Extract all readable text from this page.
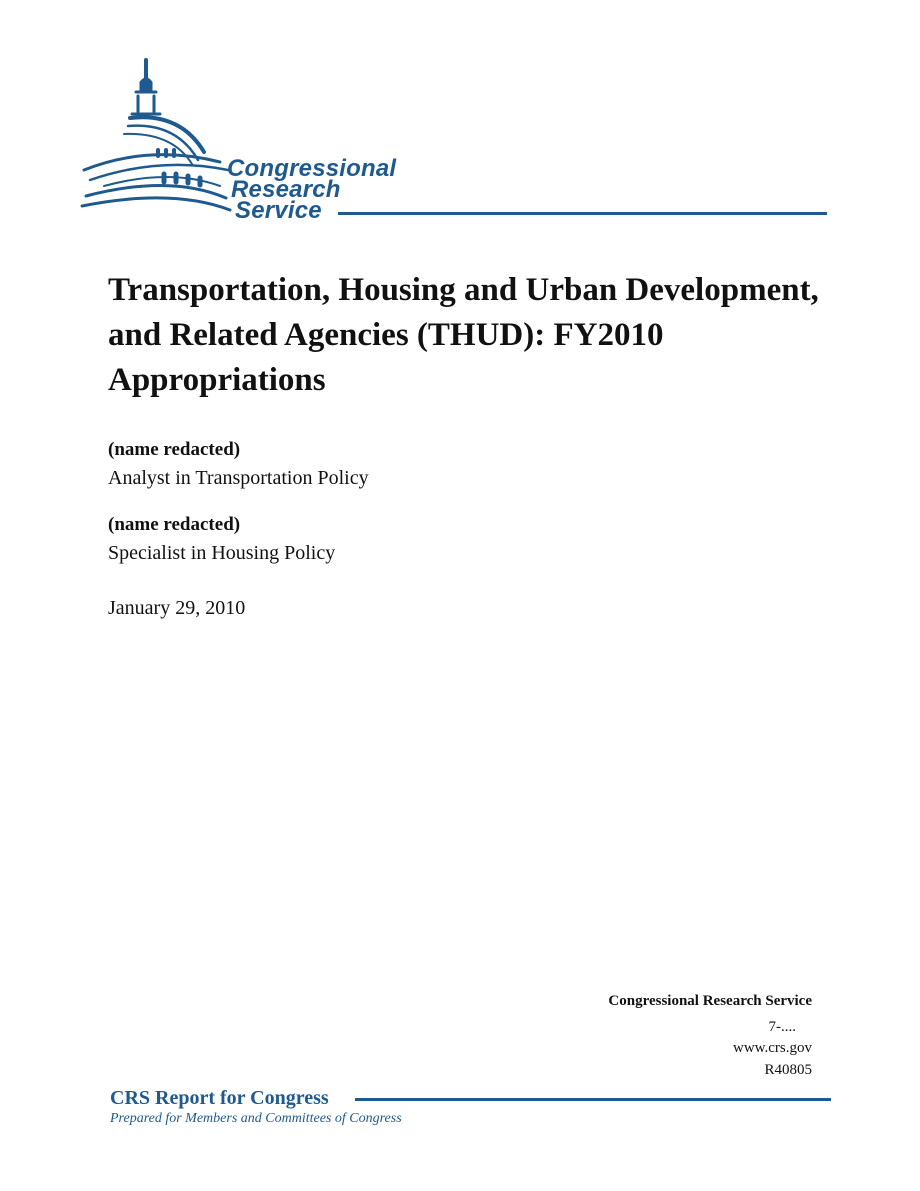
Congressional
Research
Service
Transportation, Housing and Urban Development, and Related Agencies (THUD): FY2010 Appropriations
(name redacted)
Analyst in Transportation Policy
(name redacted)
Specialist in Housing Policy
January 29, 2010
Congressional Research Service
7-....
www.crs.gov
R40805
CRS Report for Congress
Prepared for Members and Committees of Congress
